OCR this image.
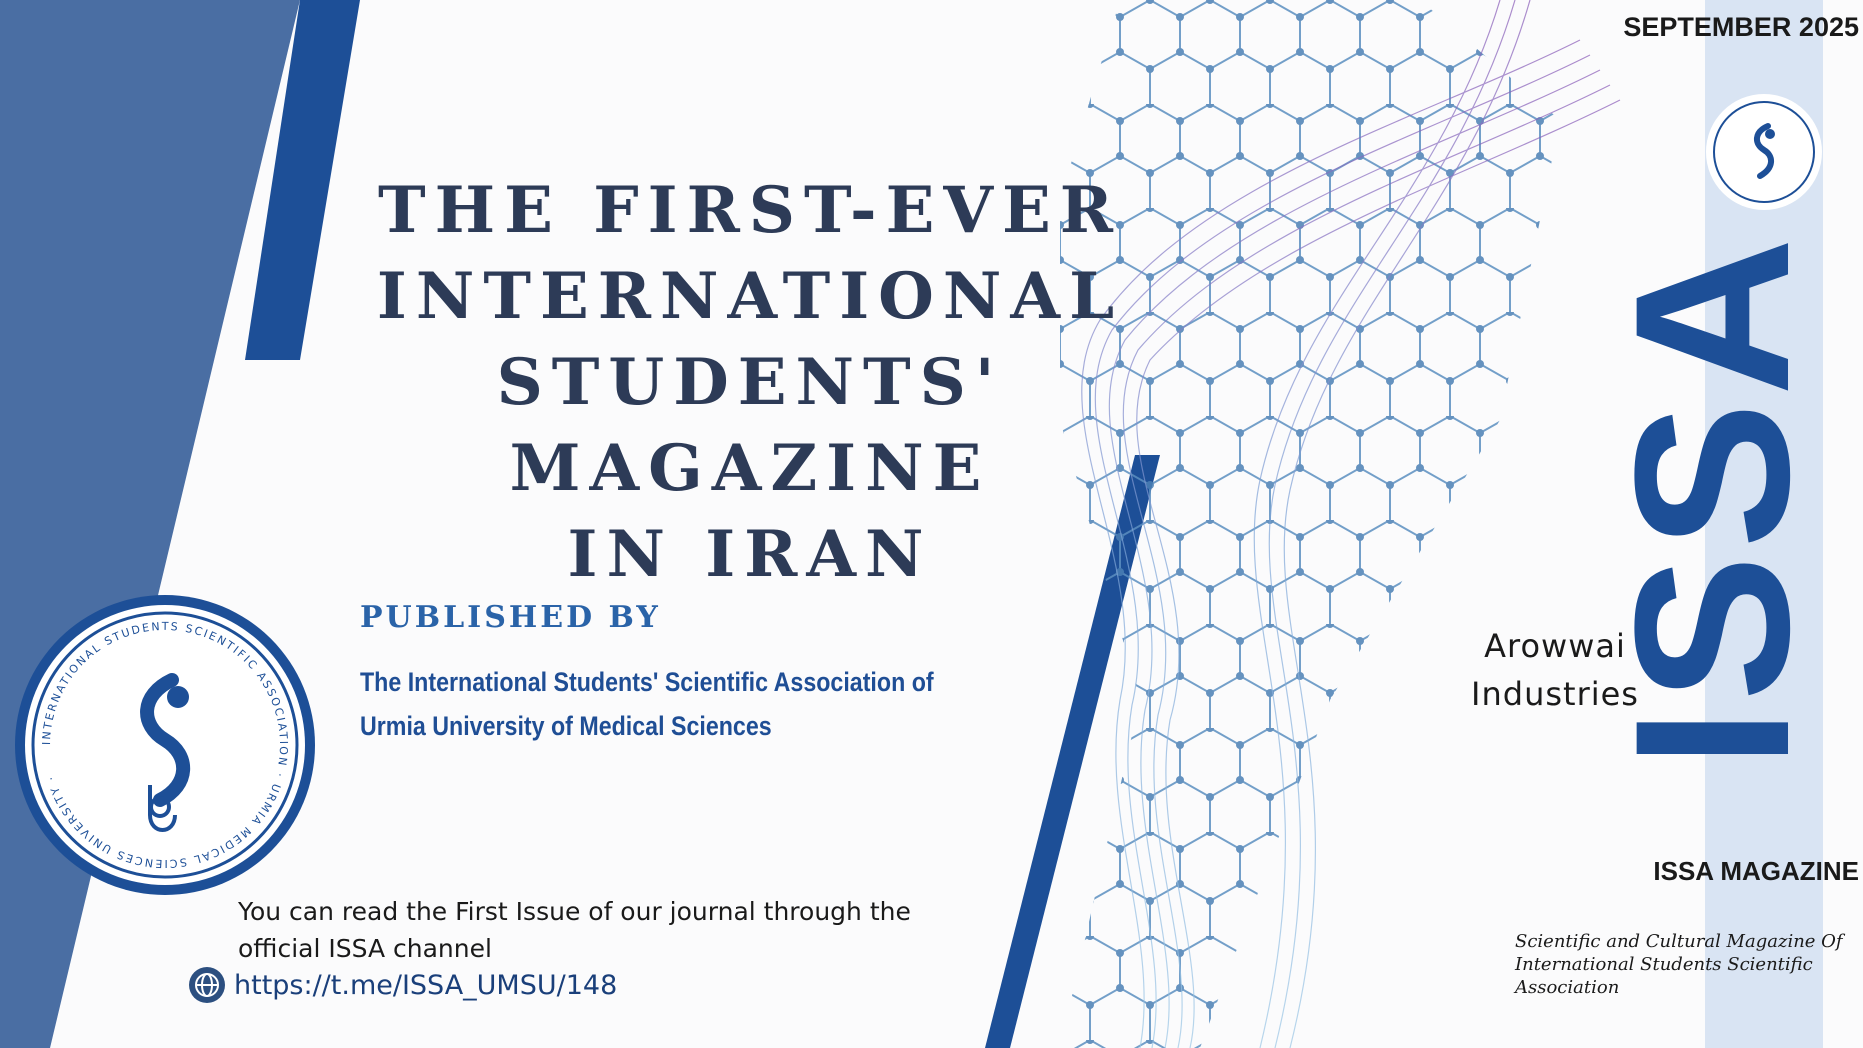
THE FIRST-EVER
INTERNATIONAL
STUDENTS'
MAGAZINE
IN IRAN
PUBLISHED BY
The International Students' Scientific Association of
Urmia University of Medical Sciences
INTERNATIONAL STUDENTS SCIENTIFIC ASSOCIATION · URMIA MEDICAL SCIENCES UNIVERSITY ·
You can read the First Issue of our journal through the
official ISSA channel
https://t.me/ISSA_UMSU/148
SEPTEMBER 2025
ISSA
Arowwai
Industries
ISSA MAGAZINE
Scientific and Cultural Magazine Of
International Students Scientific
Association
